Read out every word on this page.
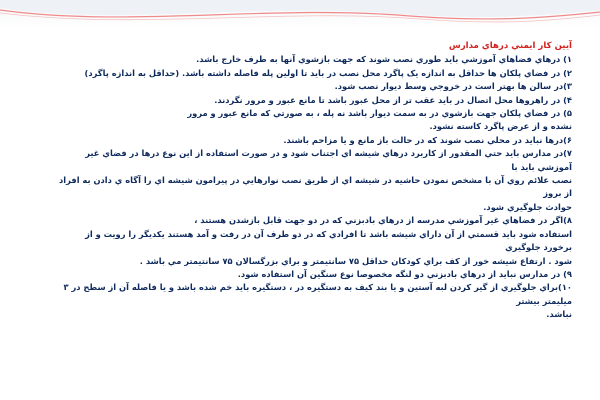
آيين کار ايمني درهاي مدارس
۱) درهاي فضاهاي آموزشي بايد طوري نصب شوند که جهت بازشوي آنها به طرف خارج باشد.
۲) در فضاي پلکان ها حداقل به اندازه يک پاگرد محل نصب در بايد تا اولين پله فاصله داشته باشد. (حداقل به اندازه پاگرد)
۳)در سالن ها بهتر است در خروجي وسط ديوار نصب شود.
۴) در راهروها محل اتصال در بايد عقب تر از محل عبور باشد تا مانع عبور و مرور نگردند.
۵) در فضاي پلکان جهت بازشوي در به سمت ديوار باشد نه پله ، به صورتي که مانع عبور و مرور
نشده و از عرض پاگرد کاسته نشود.
۶)درها نبايد در محلي نصب شوند که در حالت باز مانع و يا مزاحم باشند.
۷)در مدارس بايد حتي المقدور از کاربرد درهاي شيشه اي اجتناب شود و در صورت استفاده از اين نوع درها در فضاي غير آموزشي بايد با
نصب علائم روي آن با مشخص نمودن حاشيه در شيشه اي از طريق نصب نوارهايي در پيرامون شيشه اي را آگاه ي دادن به افراد از بروز
حوادث جلوگيري شود.
۸)اگر در فضاهاي غير آموزشي مدرسه از درهاي بادبزني که در دو جهت قابل بازشدن هستند ،
استفاده شود بايد قسمتي از آن داراي شيشه باشد تا افرادي که در دو طرف آن در رفت و آمد هستند يکديگر را رويت و از برخورد جلوگيري
شود . ارتفاع شيشه خور از کف براي کودکان حداقل ۷۵ سانتيمتر و براي بزرگسالان ۷۵ سانتيمتر مي باشد .
۹) در مدارس نبايد از درهاي بادبزني دو لنگه مخصوصا نوع سنگين آن استفاده شود.
۱۰)براي جلوگيري از گير کردن لبه آستين و يا بند کيف به دستگيره در ، دستگيره بايد خم شده باشد و يا فاصله آن از سطح در ۳ ميليمتر بيشتر
نباشد.
